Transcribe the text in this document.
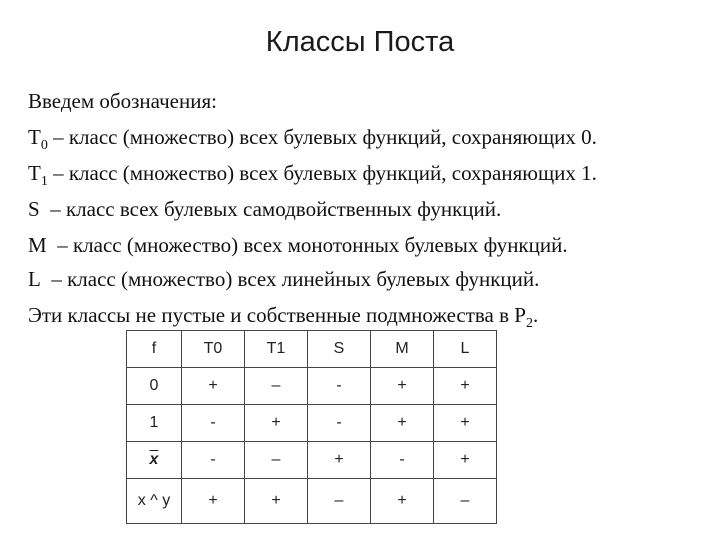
Классы Поста
Введем обозначения:
$T_0$ – класс (множество) всех булевых функций, сохраняющих 0.
$T_1$ – класс (множество) всех булевых функций, сохраняющих 1.
S – класс всех булевых самодвойственных функций.
M – класс (множество) всех монотонных булевых функций.
L – класс (множество) всех линейных булевых функций.
Эти классы не пустые и собственные подмножества в $P_2$.
f	T0	T1	S	M	L
0	+	–	-	+	+
1	-	+	-	+	+
$\overline{x}$	-	–	+	-	+
x ^ y	+	+	–	+	–
